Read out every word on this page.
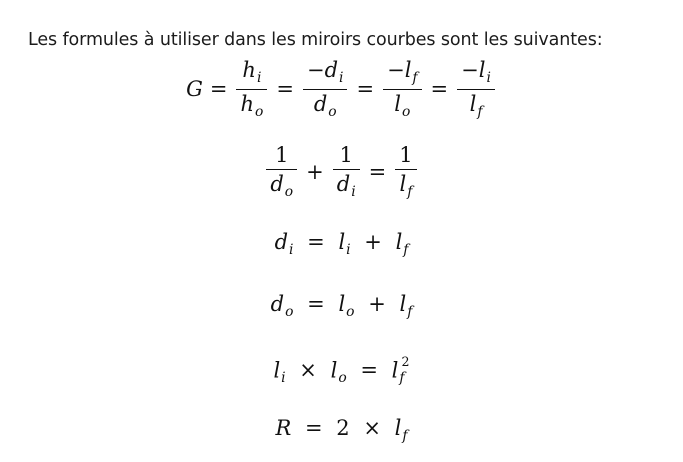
Les formules à utiliser dans les miroirs courbes sont les suivantes:
$G = \frac{h_i}{h_o} = \frac{-d_i}{d_o} = \frac{-l_f}{l_o} = \frac{-l_i}{l_f}$
$\frac{1}{d_o} + \frac{1}{d_i} = \frac{1}{l_f}$
$d_i = l_i + l_f$
$d_o = l_o + l_f$
$l_i \times l_o = l_f^2$
$R = 2 \times l_f$
